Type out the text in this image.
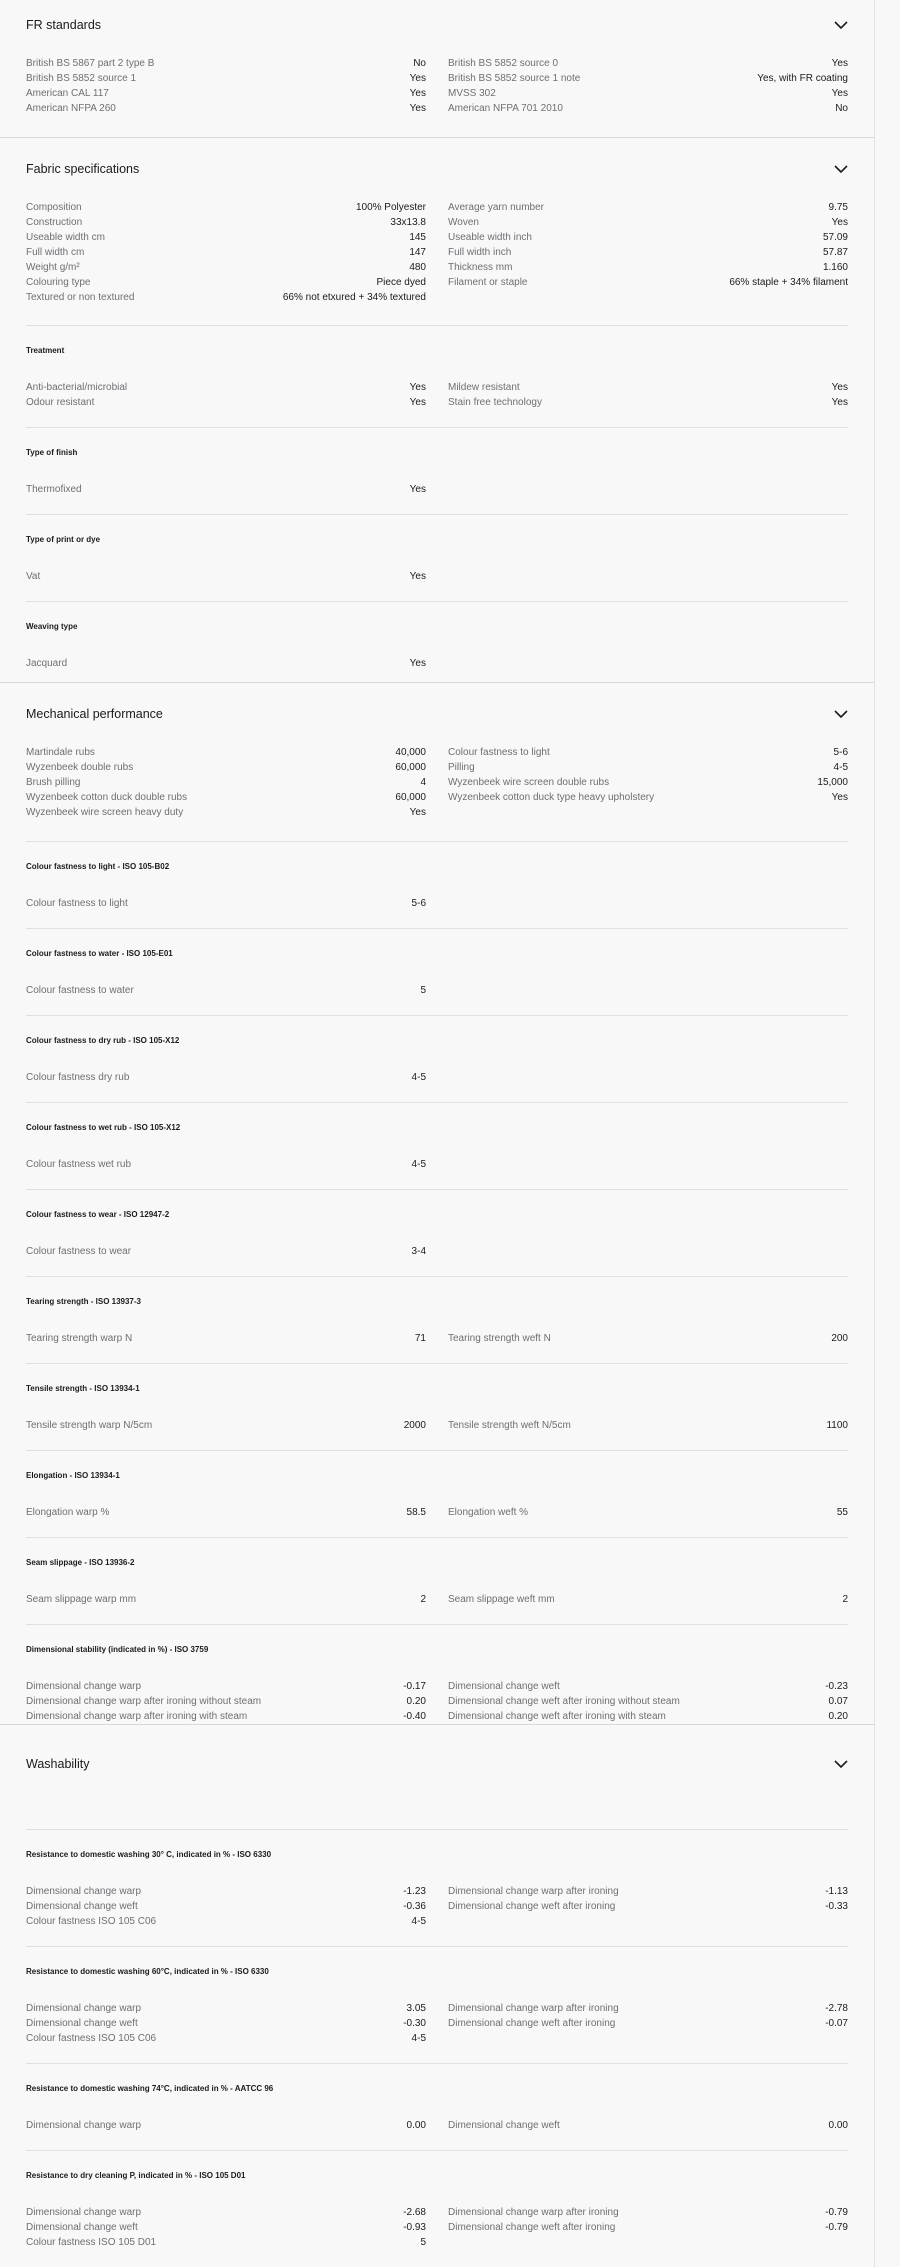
FR standards
British BS 5867 part 2 type B	No
British BS 5852 source 1	Yes
American CAL 117	Yes
American NFPA 260	Yes
British BS 5852 source 0	Yes
British BS 5852 source 1 note	Yes, with FR coating
MVSS 302	Yes
American NFPA 701 2010	No
Fabric specifications
Composition	100% Polyester
Construction	33x13.8
Useable width cm	145
Full width cm	147
Weight g/m²	480
Colouring type	Piece dyed
Textured or non textured	66% not etxured + 34% textured
Average yarn number	9.75
Woven	Yes
Useable width inch	57.09
Full width inch	57.87
Thickness mm	1.160
Filament or staple	66% staple + 34% filament
Treatment
Anti-bacterial/microbial	Yes
Odour resistant	Yes
Mildew resistant	Yes
Stain free technology	Yes
Type of finish
Thermofixed	Yes
Type of print or dye
Vat	Yes
Weaving type
Jacquard	Yes
Mechanical performance
Martindale rubs	40,000
Wyzenbeek double rubs	60,000
Brush pilling	4
Wyzenbeek cotton duck double rubs	60,000
Wyzenbeek wire screen heavy duty	Yes
Colour fastness to light	5-6
Pilling	4-5
Wyzenbeek wire screen double rubs	15,000
Wyzenbeek cotton duck type heavy upholstery	Yes
Colour fastness to light - ISO 105-B02
Colour fastness to light	5-6
Colour fastness to water - ISO 105-E01
Colour fastness to water	5
Colour fastness to dry rub - ISO 105-X12
Colour fastness dry rub	4-5
Colour fastness to wet rub - ISO 105-X12
Colour fastness wet rub	4-5
Colour fastness to wear - ISO 12947-2
Colour fastness to wear	3-4
Tearing strength - ISO 13937-3
Tearing strength warp N	71 Tearing strength weft N	200
Tensile strength - ISO 13934-1
Tensile strength warp N/5cm	2000 Tensile strength weft N/5cm	1100
Elongation - ISO 13934-1
Elongation warp %	58.5 Elongation weft %	55
Seam slippage - ISO 13936-2
Seam slippage warp mm	2 Seam slippage weft mm	2
Dimensional stability (indicated in %) - ISO 3759
Dimensional change warp	-0.17
Dimensional change warp after ironing without steam	0.20
Dimensional change warp after ironing with steam	-0.40
Dimensional change weft	-0.23
Dimensional change weft after ironing without steam	0.07
Dimensional change weft after ironing with steam	0.20
Washability
Resistance to domestic washing 30° C, indicated in % - ISO 6330
Dimensional change warp	-1.23
Dimensional change weft	-0.36
Colour fastness ISO 105 C06	4-5
Dimensional change warp after ironing	-1.13
Dimensional change weft after ironing	-0.33
Resistance to domestic washing 60°C, indicated in % - ISO 6330
Dimensional change warp	3.05
Dimensional change weft	-0.30
Colour fastness ISO 105 C06	4-5
Dimensional change warp after ironing	-2.78
Dimensional change weft after ironing	-0.07
Resistance to domestic washing 74°C, indicated in % - AATCC 96
Dimensional change warp	0.00 Dimensional change weft	0.00
Resistance to dry cleaning P, indicated in % - ISO 105 D01
Dimensional change warp	-2.68
Dimensional change weft	-0.93
Colour fastness ISO 105 D01	5
Dimensional change warp after ironing	-0.79
Dimensional change weft after ironing	-0.79
